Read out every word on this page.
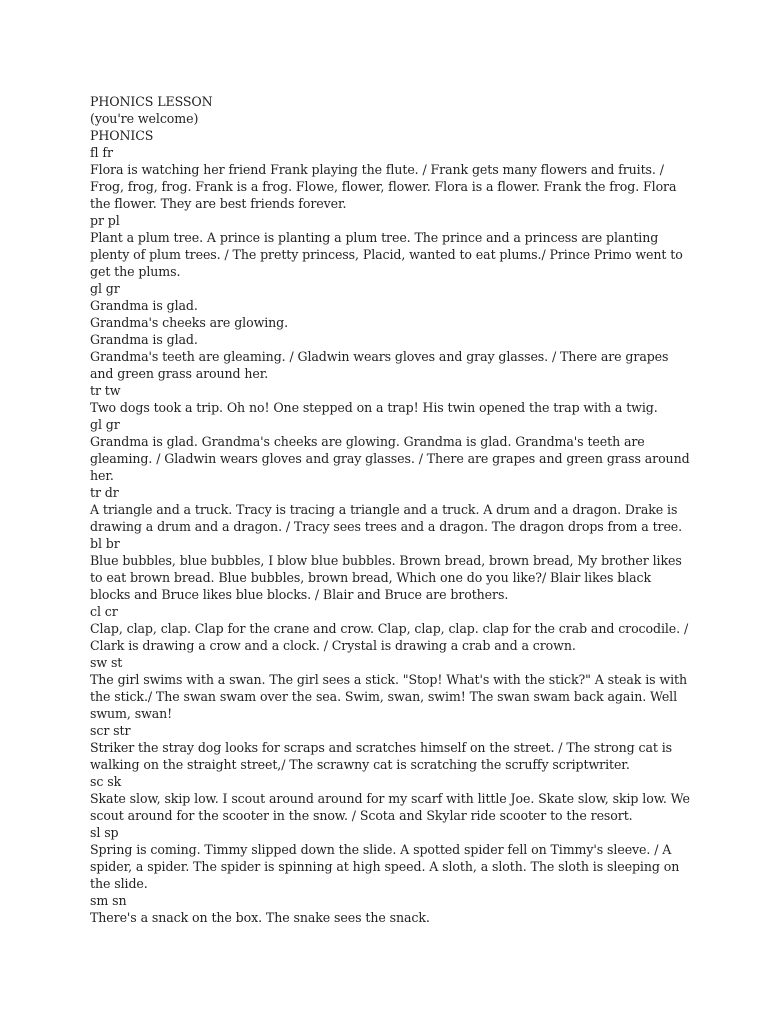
PHONICS LESSON

(you're welcome)

PHONICS

fl fr

Flora is watching her friend Frank playing the flute. / Frank gets many flowers and fruits. / Frog, frog, frog. Frank is a frog. Flowe, flower, flower. Flora is a flower. Frank the frog. Flora the flower. They are best friends forever.

pr pl

Plant a plum tree. A prince is planting a plum tree. The prince and a princess are planting plenty of plum trees. / The pretty princess, Placid, wanted to eat plums./ Prince Primo went to get the plums.

gl gr

Grandma is glad.

Grandma's cheeks are glowing.

Grandma is glad.

Grandma's teeth are gleaming. / Gladwin wears gloves and gray glasses. / There are grapes and green grass around her.

tr tw

Two dogs took a trip. Oh no! One stepped on a trap! His twin opened the trap with a twig.

gl gr

Grandma is glad. Grandma's cheeks are glowing. Grandma is glad. Grandma's teeth are gleaming. / Gladwin wears gloves and gray glasses. / There are grapes and green grass around her.

tr dr

A triangle and a truck. Tracy is tracing a triangle and a truck. A drum and a dragon. Drake is drawing a drum and a dragon. / Tracy sees trees and a dragon. The dragon drops from a tree.

bl br

Blue bubbles, blue bubbles, I blow blue bubbles. Brown bread, brown bread, My brother likes to eat brown bread. Blue bubbles, brown bread, Which one do you like?/ Blair likes black blocks and Bruce likes blue blocks. / Blair and Bruce are brothers.

cl cr

Clap, clap, clap. Clap for the crane and crow. Clap, clap, clap. clap for the crab and crocodile. / Clark is drawing a crow and a clock. / Crystal is drawing a crab and a crown.

sw st

The girl swims with a swan. The girl sees a stick. "Stop! What's with the stick?" A steak is with the stick./ The swan swam over the sea. Swim, swan, swim! The swan swam back again. Well swum, swan!

scr str

Striker the stray dog looks for scraps and scratches himself on the street. / The strong cat is walking on the straight street,/ The scrawny cat is scratching the scruffy scriptwriter.

sc sk

Skate slow, skip low. I scout around around for my scarf with little Joe. Skate slow, skip low. We scout around for the scooter in the snow. / Scota and Skylar ride scooter to the resort.

sl sp

Spring is coming. Timmy slipped down the slide. A spotted spider fell on Timmy's sleeve. / A spider, a spider. The spider is spinning at high speed. A sloth, a sloth. The sloth is sleeping on the slide.

sm sn

There's a snack on the box. The snake sees the snack.
